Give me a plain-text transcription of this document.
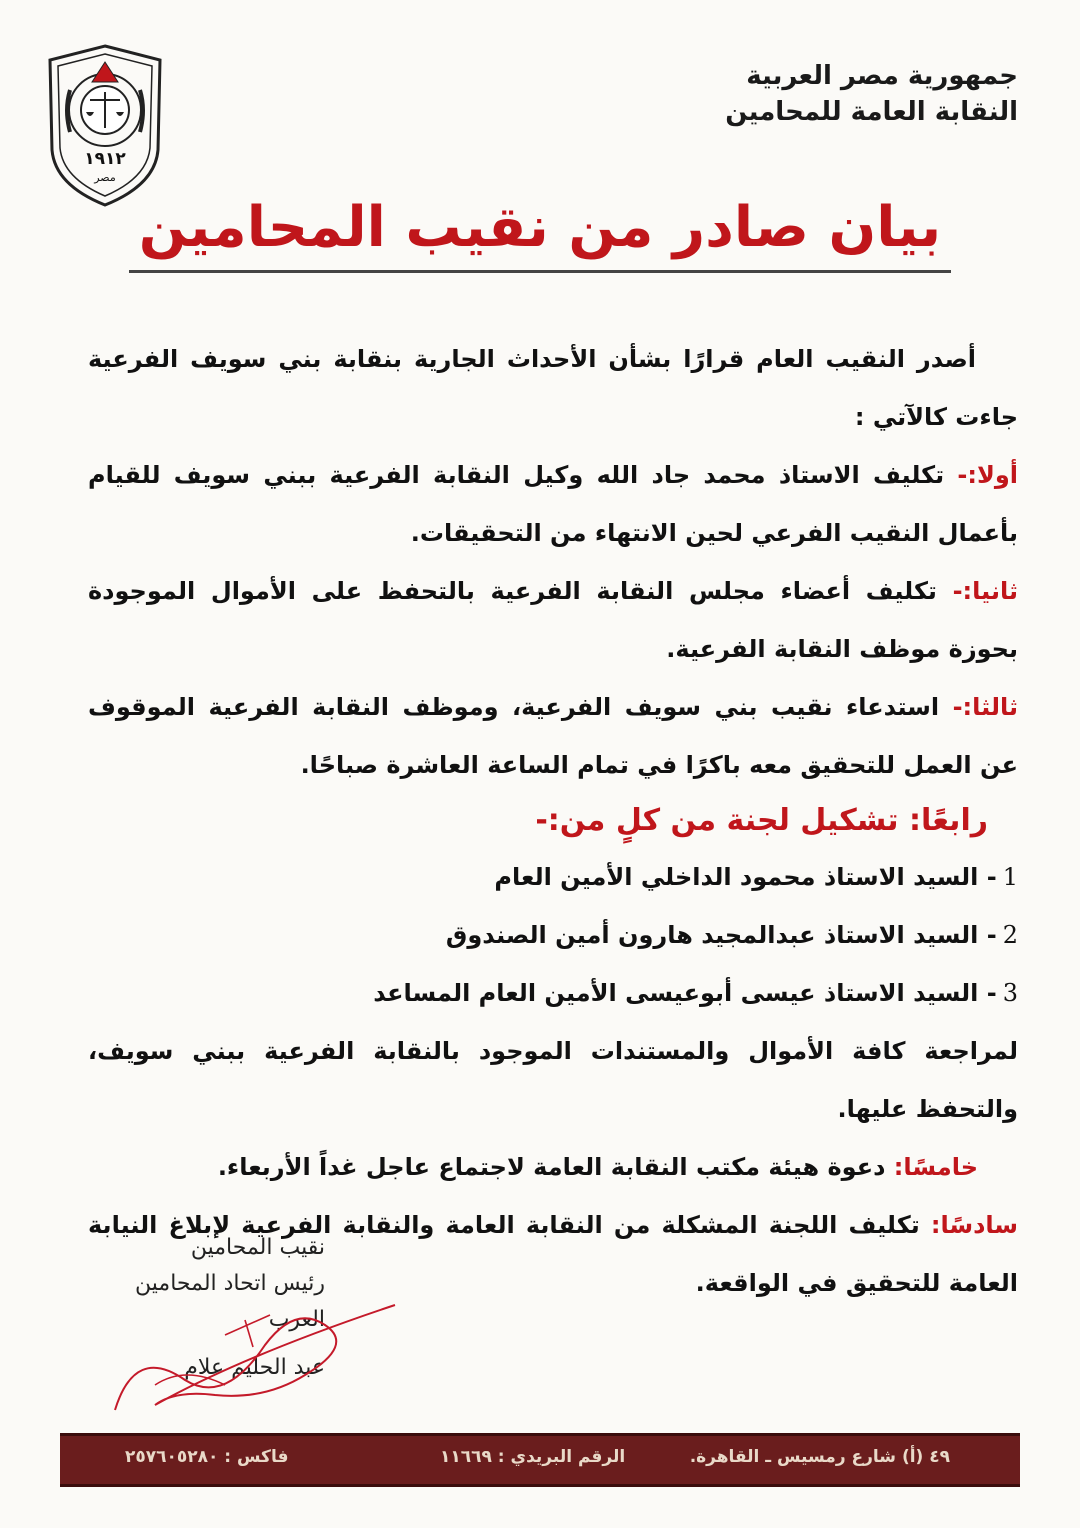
١٩١٢
مصر
جمهورية مصر العربية
النقابة العامة للمحامين
بيان صادر من نقيب المحامين

أصدر النقيب العام قرارًا بشأن الأحداث الجارية بنقابة بني سويف الفرعية جاءت كالآتي :

أولا:- تكليف الاستاذ محمد جاد الله وكيل النقابة الفرعية ببني سويف للقيام بأعمال النقيب الفرعي لحين الانتهاء من التحقيقات.

ثانيا:- تكليف أعضاء مجلس النقابة الفرعية بالتحفظ على الأموال الموجودة بحوزة موظف النقابة الفرعية.

ثالثا:- استدعاء نقيب بني سويف الفرعية، وموظف النقابة الفرعية الموقوف عن العمل للتحقيق معه باكرًا في تمام الساعة العاشرة صباحًا.

رابعًا: تشكيل لجنة من كلٍ من:-

1- السيد الاستاذ محمود الداخلي الأمين العام
2- السيد الاستاذ عبدالمجيد هارون أمين الصندوق
3- السيد الاستاذ عيسى أبوعيسى الأمين العام المساعد

لمراجعة كافة الأموال والمستندات الموجود بالنقابة الفرعية ببني سويف، والتحفظ عليها.

خامسًا: دعوة هيئة مكتب النقابة العامة لاجتماع عاجل غداً الأربعاء.

سادسًا: تكليف اللجنة المشكلة من النقابة العامة والنقابة الفرعية لإبلاغ النيابة العامة للتحقيق في الواقعة.

نقيب المحامين
رئيس اتحاد المحامين العرب
عبد الحليم علام
٤٩ (أ) شارع رمسيس ـ القاهرة.
الرقم البريدي : ١١٦٦٩
فاكس : ٢٥٧٦٠٥٢٨٠
